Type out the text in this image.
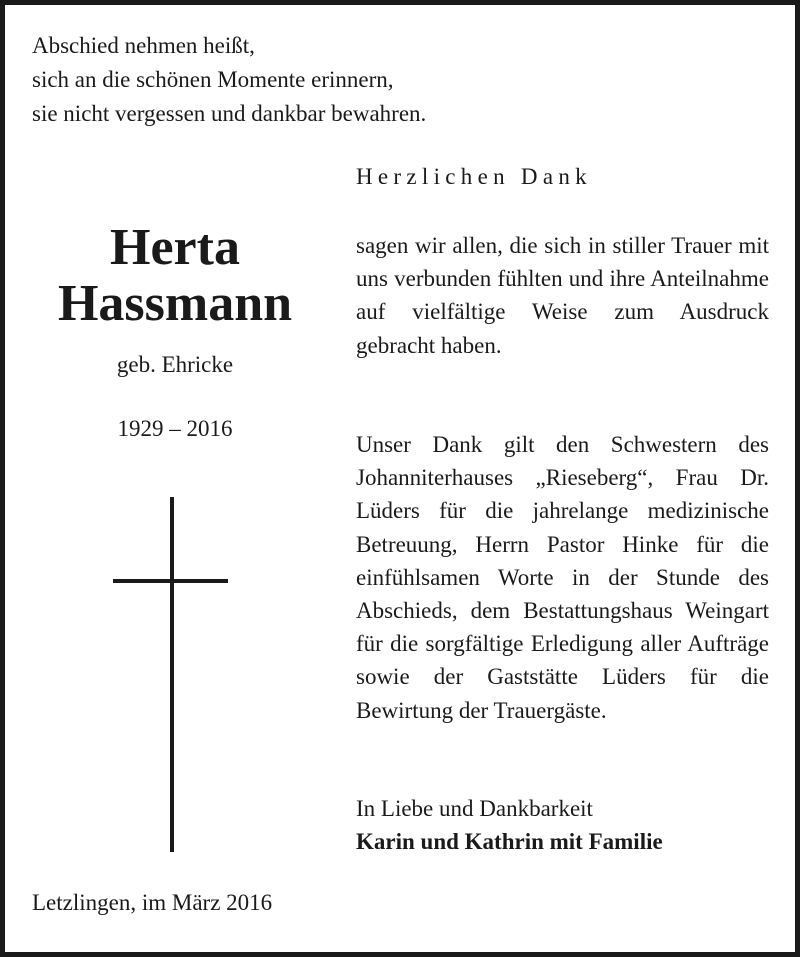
Abschied nehmen heißt,
sich an die schönen Momente erinnern,
sie nicht vergessen und dankbar bewahren.
Herzlichen Dank
Herta
Hassmann
geb. Ehricke
1929 – 2016
sagen wir allen, die sich in stiller Trauer mit uns verbunden fühlten und ihre Anteilnahme auf vielfältige Weise zum Ausdruck gebracht haben.
Unser Dank gilt den Schwestern des Johanniterhauses „Rieseberg“, Frau Dr. Lüders für die jahrelange medizinische Betreuung, Herrn Pastor Hinke für die einfühlsamen Worte in der Stunde des Abschieds, dem Bestattungshaus Weingart für die sorgfältige Erledigung aller Aufträge sowie der Gaststätte Lüders für die Bewirtung der Trauergäste.
In Liebe und Dankbarkeit
Karin und Kathrin mit Familie
Letzlingen, im März 2016
